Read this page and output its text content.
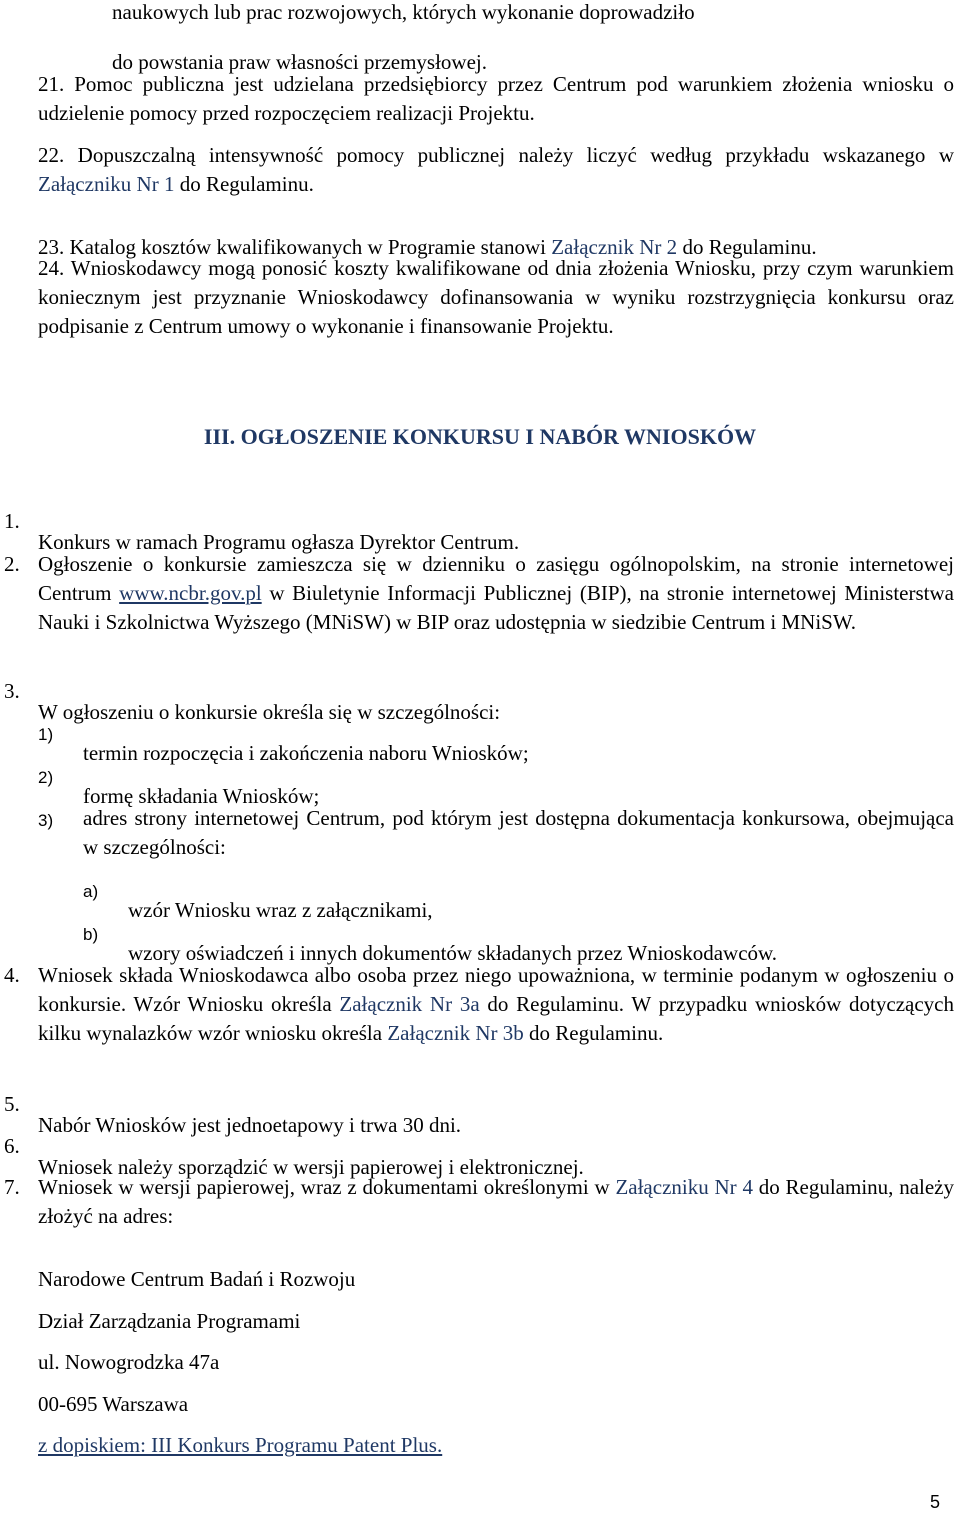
naukowych lub prac rozwojowych, których wykonanie doprowadziło

do powstania praw własności przemysłowej.

21. Pomoc publiczna jest udzielana przedsiębiorcy przez Centrum pod warunkiem złożenia wniosku o udzielenie pomocy przed rozpoczęciem realizacji Projektu.

22. Dopuszczalną intensywność pomocy publicznej należy liczyć według przykładu wskazanego w Załączniku Nr 1 do Regulaminu.

23. Katalog kosztów kwalifikowanych w Programie stanowi Załącznik Nr 2 do Regulaminu.

24. Wnioskodawcy mogą ponosić koszty kwalifikowane od dnia złożenia Wniosku, przy czym warunkiem koniecznym jest przyznanie Wnioskodawcy dofinansowania w wyniku rozstrzygnięcia konkursu oraz podpisanie z Centrum umowy o wykonanie i finansowanie Projektu.

III. OGŁOSZENIE KONKURSU I NABÓR WNIOSKÓW
1.

Konkurs w ramach Programu ogłasza Dyrektor Centrum.

2. Ogłoszenie o konkursie zamieszcza się w dzienniku o zasięgu ogólnopolskim, na stronie internetowej Centrum www.ncbr.gov.pl w Biuletynie Informacji Publicznej (BIP), na stronie internetowej Ministerstwa Nauki i Szkolnictwa Wyższego (MNiSW) w BIP oraz udostępnia w siedzibie Centrum i MNiSW.

3.

W ogłoszeniu o konkursie określa się w szczególności:

1)

termin rozpoczęcia i zakończenia naboru Wniosków;

2)

formę składania Wniosków;

3) adres strony internetowej Centrum, pod którym jest dostępna dokumentacja konkursowa, obejmująca w szczególności:

a)

wzór Wniosku wraz z załącznikami,

b)

wzory oświadczeń i innych dokumentów składanych przez Wnioskodawców.

4. Wniosek składa Wnioskodawca albo osoba przez niego upoważniona, w terminie podanym w ogłoszeniu o konkursie. Wzór Wniosku określa Załącznik Nr 3a do Regulaminu. W przypadku wniosków dotyczących kilku wynalazków wzór wniosku określa Załącznik Nr 3b do Regulaminu.

5.

Nabór Wniosków jest jednoetapowy i trwa 30 dni.

6.

Wniosek należy sporządzić w wersji papierowej i elektronicznej.

7. Wniosek w wersji papierowej, wraz z dokumentami określonymi w Załączniku Nr 4 do Regulaminu, należy złożyć na adres:

Narodowe Centrum Badań i Rozwoju

Dział Zarządzania Programami

ul. Nowogrodzka 47a

00-695 Warszawa

z dopiskiem: III Konkurs Programu Patent Plus.

5
